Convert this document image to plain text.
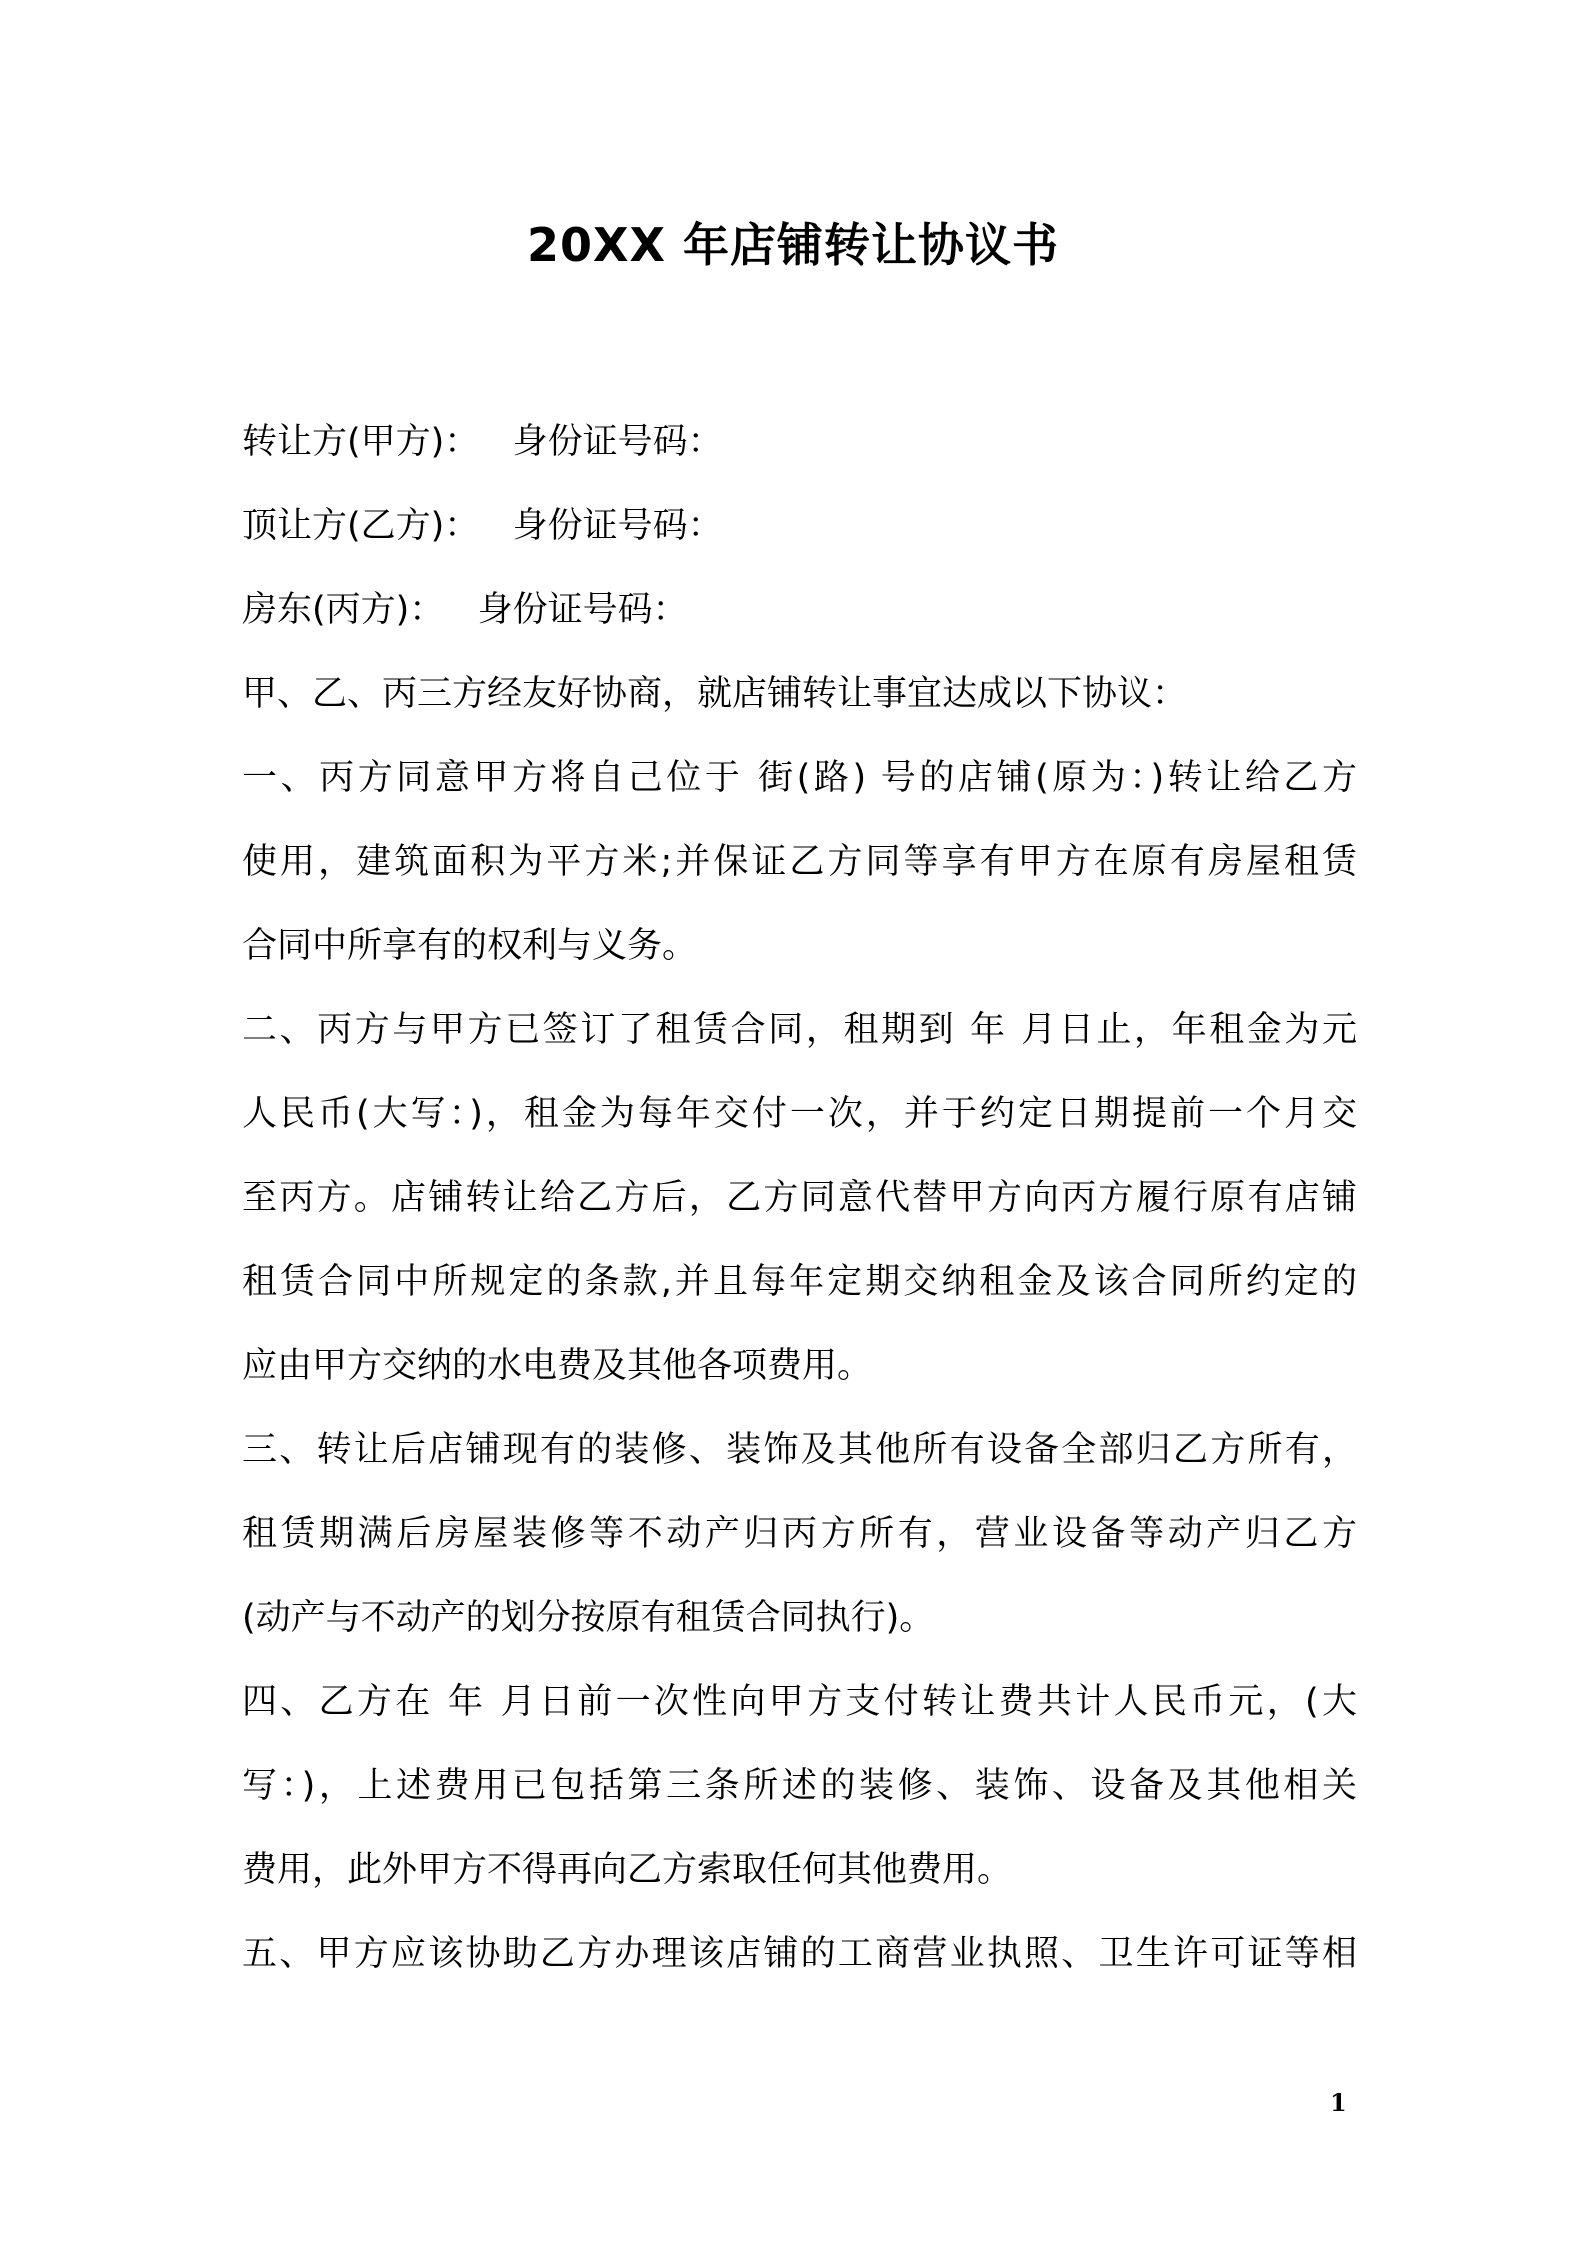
20XX 年店铺转让协议书
转让方(甲方)：   身份证号码：
顶让方(乙方)：   身份证号码：
房东(丙方)：   身份证号码：
甲、乙、丙三方经友好协商，就店铺转让事宜达成以下协议：
一、丙方同意甲方将自己位于 街(路) 号的店铺(原为：)转让给乙方
使用，建筑面积为平方米;并保证乙方同等享有甲方在原有房屋租赁
合同中所享有的权利与义务。
二、丙方与甲方已签订了租赁合同，租期到 年 月日止，年租金为元
人民币(大写：)，租金为每年交付一次，并于约定日期提前一个月交
至丙方。店铺转让给乙方后，乙方同意代替甲方向丙方履行原有店铺
租赁合同中所规定的条款,并且每年定期交纳租金及该合同所约定的
应由甲方交纳的水电费及其他各项费用。
三、转让后店铺现有的装修、装饰及其他所有设备全部归乙方所有，
租赁期满后房屋装修等不动产归丙方所有，营业设备等动产归乙方
(动产与不动产的划分按原有租赁合同执行)。
四、乙方在 年 月日前一次性向甲方支付转让费共计人民币元，(大
写：)，上述费用已包括第三条所述的装修、装饰、设备及其他相关
费用，此外甲方不得再向乙方索取任何其他费用。
五、甲方应该协助乙方办理该店铺的工商营业执照、卫生许可证等相
1
